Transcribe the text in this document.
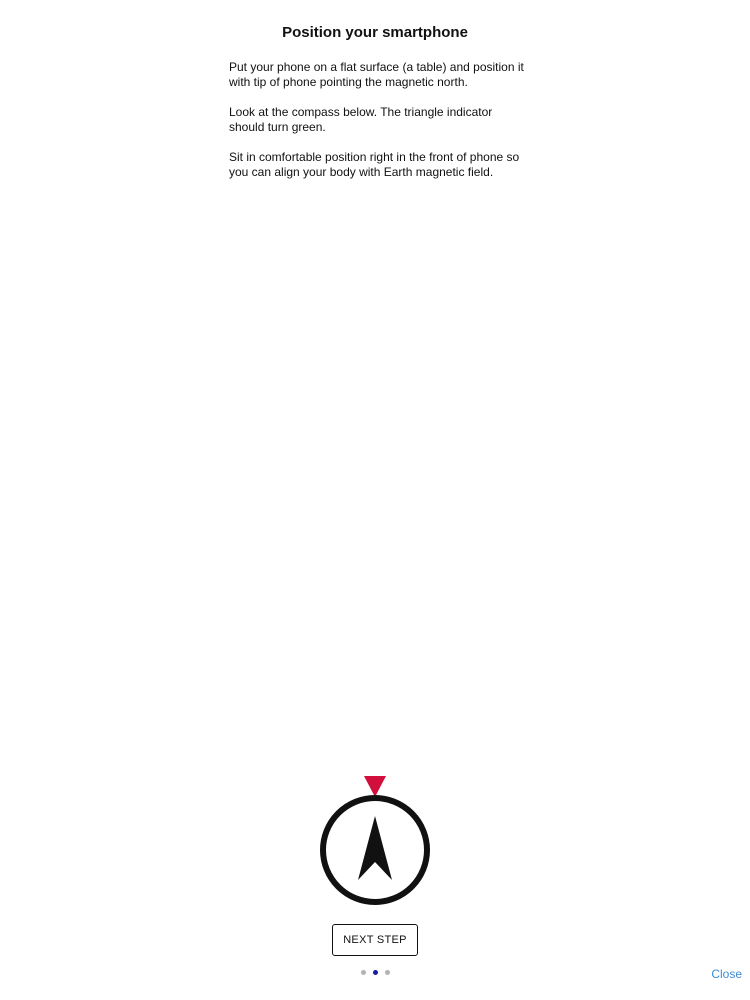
Position your smartphone

Put your phone on a flat surface (a table) and position it with tip of phone pointing the magnetic north.

Look at the compass below. The triangle indicator should turn green.

Sit in comfortable position right in the front of phone so you can align your body with Earth magnetic field.

NEXT STEP
Close
